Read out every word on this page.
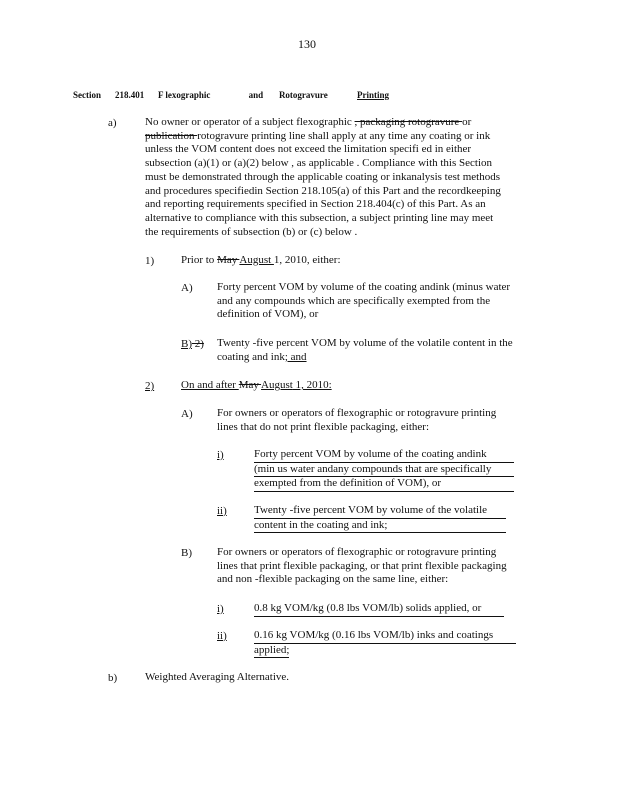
130
Section 218.401 F lexographic	and Rotogravure	Printing
a)	No owner or operator of a subject flexographic , packaging rotogravure or
publication rotogravure printing line shall apply at any time any coating or ink
unless the VOM content does not exceed the limitation specifi ed in either
subsection (a)(1) or (a)(2) below , as applicable . Compliance with this Section
must be demonstrated through the applicable coating or inkanalysis test methods
and procedures specifiedin Section 218.105(a) of this Part and the recordkeeping
and reporting requirements specified in Section 218.404(c) of this Part. As an
alternative to compliance with this subsection, a subject printing line may meet
the requirements of subsection (b) or (c) below .
1) Prior to May August 1, 2010, either:
A) Forty percent VOM by volume of the coating andink (minus water
and any compounds which are specifically exempted from the
definition of VOM), or
B) 2) Twenty -five percent VOM by volume of the volatile content in the
coating and ink; and
2) On and after May August 1, 2010:
A) For owners or operators of flexographic or rotogravure printing
lines that do not print flexible packaging, either:
i)	Forty percent VOM by volume of the coating andink
(min us water andany compounds that are specifically
exempted from the definition of VOM), or
ii) Twenty -five percent VOM by volume of the volatile
content in the coating and ink;
B) For owners or operators of flexographic or rotogravure printing
lines that print flexible packaging, or that print flexible packaging
and non -flexible packaging on the same line, either:
i)	0.8 kg VOM/kg (0.8 lbs VOM/lb) solids applied, or
ii) 0.16 kg VOM/kg (0.16 lbs VOM/lb) inks and coatings
applied;
b)	Weighted Averaging Alternative.
